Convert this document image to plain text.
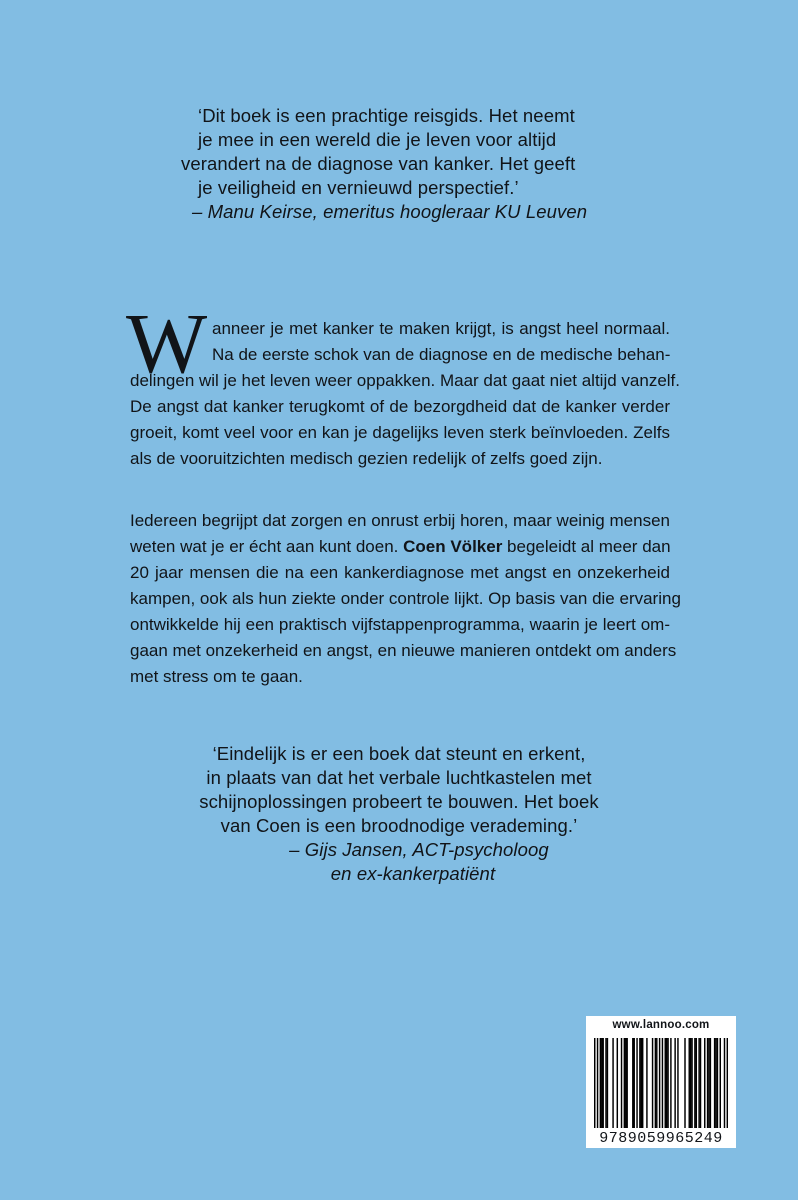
‘Dit boek is een prachtige reisgids. Het neemt
je mee in een wereld die je leven voor altijd
verandert na de diagnose van kanker. Het geeft
je veiligheid en vernieuwd perspectief.’
– Manu Keirse, emeritus hoogleraar KU Leuven
W anneer je met kanker te maken krijgt, is angst heel normaal.
Na de eerste schok van de diagnose en de medische behan-
delingen wil je het leven weer oppakken. Maar dat gaat niet altijd vanzelf.
De angst dat kanker terugkomt of de bezorgdheid dat de kanker verder
groeit, komt veel voor en kan je dagelijks leven sterk beïnvloeden. Zelfs
als de vooruitzichten medisch gezien redelijk of zelfs goed zijn.
Iedereen begrijpt dat zorgen en onrust erbij horen, maar weinig mensen
weten wat je er écht aan kunt doen. Coen Völker begeleidt al meer dan
20 jaar mensen die na een kankerdiagnose met angst en onzekerheid
kampen, ook als hun ziekte onder controle lijkt. Op basis van die ervaring
ontwikkelde hij een praktisch vijfstappenprogramma, waarin je leert om-
gaan met onzekerheid en angst, en nieuwe manieren ontdekt om anders
met stress om te gaan.
‘Eindelijk is er een boek dat steunt en erkent,
in plaats van dat het verbale luchtkastelen met
schijnoplossingen probeert te bouwen. Het boek
van Coen is een broodnodige verademing.’
– Gijs Jansen, ACT-psycholoog
en ex-kankerpatiënt
www.lannoo.com
9789059965249
